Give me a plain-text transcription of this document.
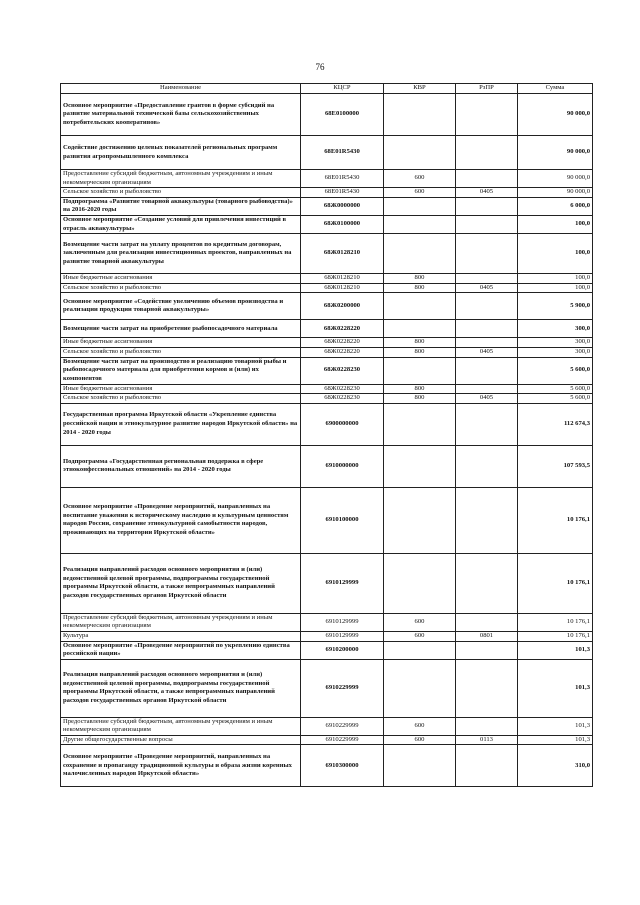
76
Наименование	КЦСР	КВР	РзПР	Сумма
Основное мероприятие «Предоставление грантов в форме субсидий на развитие материальной технической базы сельскохозяйственных потребительских кооперативов»	68Е0100000			90 000,0
Содействие достижению целевых показателей региональных программ развития агропромышленного комплекса	68Е01R5430			90 000,0
Предоставление субсидий бюджетным, автономным учреждениям и иным некоммерческим организациям	68Е01R5430	600		90 000,0
Сельское хозяйство и рыболовство	68Е01R5430	600	0405	90 000,0
Подпрограмма «Развитие товарной аквакультуры (товарного рыбоводства)» на 2016-2020 годы	68Ж0000000			6 000,0
Основное мероприятие «Создание условий для привлечения инвестиций в отрасль аквакультуры»	68Ж0100000			100,0
Возмещение части затрат на уплату процентов по кредитным договорам, заключенным для реализации инвестиционных проектов, направленных на развитие товарной аквакультуры	68Ж0128210			100,0
Иные бюджетные ассигнования	68Ж0128210	800		100,0
Сельское хозяйство и рыболовство	68Ж0128210	800	0405	100,0
Основное мероприятие «Содействие увеличению объемов производства и реализации продукции товарной аквакультуры»	68Ж0200000			5 900,0
Возмещение части затрат на приобретение рыбопосадочного материала	68Ж0228220			300,0
Иные бюджетные ассигнования	68Ж0228220	800		300,0
Сельское хозяйство и рыболовство	68Ж0228220	800	0405	300,0
Возмещение части затрат на производство и реализацию товарной рыбы и рыбопосадочного материала для приобретения кормов и (или) их компонентов	68Ж0228230			5 600,0
Иные бюджетные ассигнования	68Ж0228230	800		5 600,0
Сельское хозяйство и рыболовство	68Ж0228230	800	0405	5 600,0
Государственная программа Иркутской области «Укрепление единства российской нации и этнокультурное развитие народов Иркутской области» на 2014 - 2020 годы	6900000000			112 674,3
Подпрограмма «Государственная региональная поддержка в сфере этноконфессиональных отношений» на 2014 - 2020 годы	6910000000			107 593,5
Основное мероприятие «Проведение мероприятий, направленных на воспитание уважения к историческому наследию и культурным ценностям народов России, сохранение этнокультурной самобытности народов, проживающих на территории Иркутской области»	6910100000			10 176,1
Реализация направлений расходов основного мероприятия и (или) ведомственной целевой программы, подпрограммы государственной программы Иркутской области, а также непрограммных направлений расходов государственных органов Иркутской области	6910129999			10 176,1
Предоставление субсидий бюджетным, автономным учреждениям и иным некоммерческим организациям	6910129999	600		10 176,1
Культура	6910129999	600	0801	10 176,1
Основное мероприятие «Проведение мероприятий по укреплению единства российской нации»	6910200000			101,3
Реализация направлений расходов основного мероприятия и (или) ведомственной целевой программы, подпрограммы государственной программы Иркутской области, а также непрограммных направлений расходов государственных органов Иркутской области	6910229999			101,3
Предоставление субсидий бюджетным, автономным учреждениям и иным некоммерческим организациям	6910229999	600		101,3
Другие общегосударственные вопросы	6910229999	600	0113	101,3
Основное мероприятие «Проведение мероприятий, направленных на сохранение и пропаганду традиционной культуры и образа жизни коренных малочисленных народов Иркутской области»	6910300000			310,0
